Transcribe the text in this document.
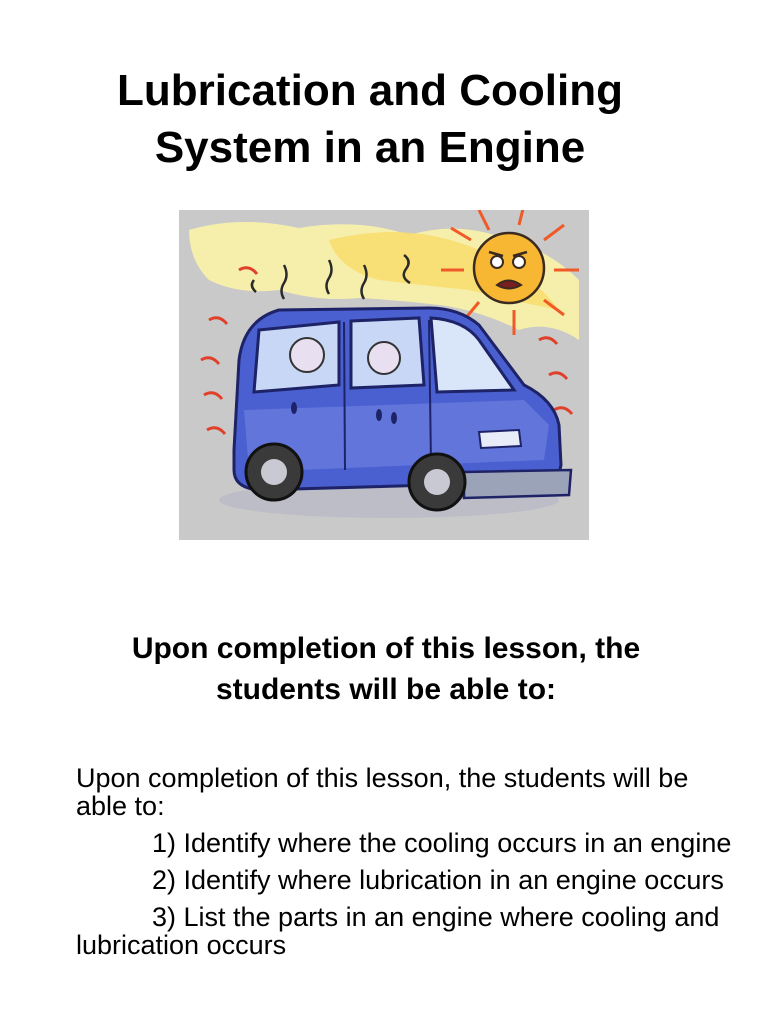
Lubrication and Cooling
System in an Engine
Upon completion of this lesson, the
students will be able to:

Upon completion of this lesson, the students will be able to:

1) Identify where the cooling occurs in an engine

2) Identify where lubrication in an engine occurs

3) List the parts in an engine where cooling and lubrication occurs
